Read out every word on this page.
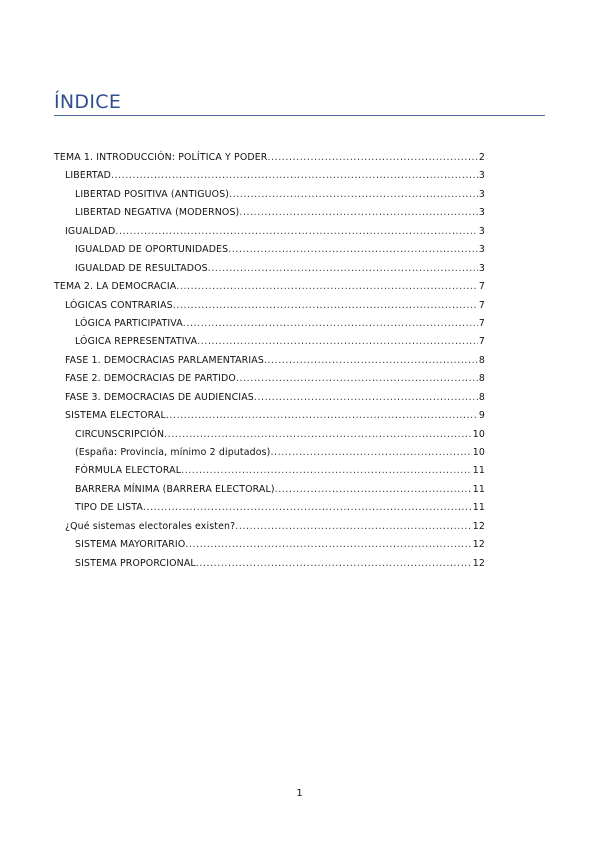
ÍNDICE
TEMA 1. INTRODUCCIÓN: POLÍTICA Y PODER .....	2
LIBERTAD .....	3
LIBERTAD POSITIVA (ANTIGUOS) .....	3
LIBERTAD NEGATIVA (MODERNOS) .....	3
IGUALDAD .....	3
IGUALDAD DE OPORTUNIDADES .....	3
IGUALDAD DE RESULTADOS .....	3
TEMA 2. LA DEMOCRACIA .....	7
LÓGICAS CONTRARIAS .....	7
LÓGICA PARTICIPATIVA .....	7
LÓGICA REPRESENTATIVA .....	7
FASE 1. DEMOCRACIAS PARLAMENTARIAS .....	8
FASE 2. DEMOCRACIAS DE PARTIDO .....	8
FASE 3. DEMOCRACIAS DE AUDIENCIAS .....	8
SISTEMA ELECTORAL .....	9
CIRCUNSCRIPCIÓN .....	10
(España: Provincia, mínimo 2 diputados) .....	10
FÓRMULA ELECTORAL .....	11
BARRERA MÍNIMA (BARRERA ELECTORAL) .....	11
TIPO DE LISTA .....	11
¿Qué sistemas electorales existen? .....	12
SISTEMA MAYORITARIO .....	12
SISTEMA PROPORCIONAL .....	12
1
